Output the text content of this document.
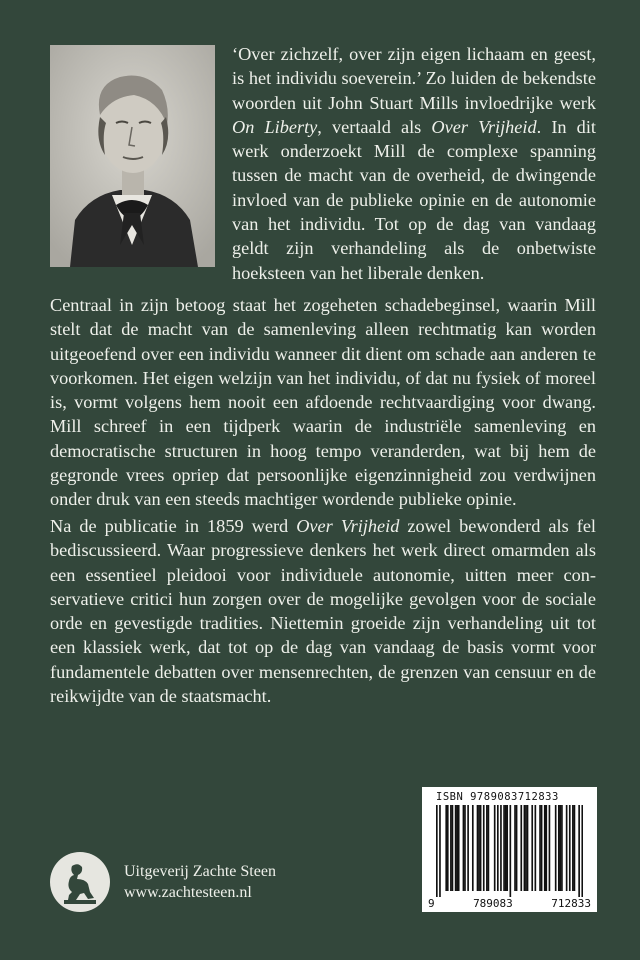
‘Over zichzelf, over zijn eigen lichaam en geest, is het individu soeverein.’ Zo luiden de bekendste woorden uit John Stuart Mills invloedrijke werk On Liberty, vertaald als Over Vrijheid. In dit werk onderzoekt Mill de complexe spanning tussen de macht van de overheid, de dwingende invloed van de publieke opinie en de autonomie van het individu. Tot op de dag van vandaag geldt zijn verhandeling als de onbetwiste hoeksteen van het liberale denken.

Centraal in zijn betoog staat het zogeheten schadebeginsel, waarin Mill stelt dat de macht van de samenleving alleen rechtmatig kan worden uitgeoefend over een individu wanneer dit dient om schade aan anderen te voorkomen. Het eigen welzijn van het individu, of dat nu fysiek of moreel is, vormt volgens hem nooit een afdoende rechtvaardiging voor dwang. Mill schreef in een tijdperk waarin de industriële samenleving en democratische structuren in hoog tempo veranderden, wat bij hem de gegronde vrees opriep dat persoonlijke eigenzinnigheid zou verdwijnen onder druk van een steeds machtiger wordende publieke opinie.

Na de publicatie in 1859 werd Over Vrijheid zowel bewonderd als fel bediscussieerd. Waar progressieve denkers het werk direct omarmden als een essentieel pleidooi voor individuele autonomie, uitten meer conservatieve critici hun zorgen over de mogelijke gevolgen voor de sociale orde en gevestigde tradities. Niettemin groeide zijn verhandeling uit tot een klassiek werk, dat tot op de dag van vandaag de basis vormt voor fundamentele debatten over mensenrechten, de grenzen van censuur en de reikwijdte van de staatsmacht.

Uitgeverij Zachte Steen

www.zachtesteen.nl

ISBN 9789083712833
9	789083	712833
